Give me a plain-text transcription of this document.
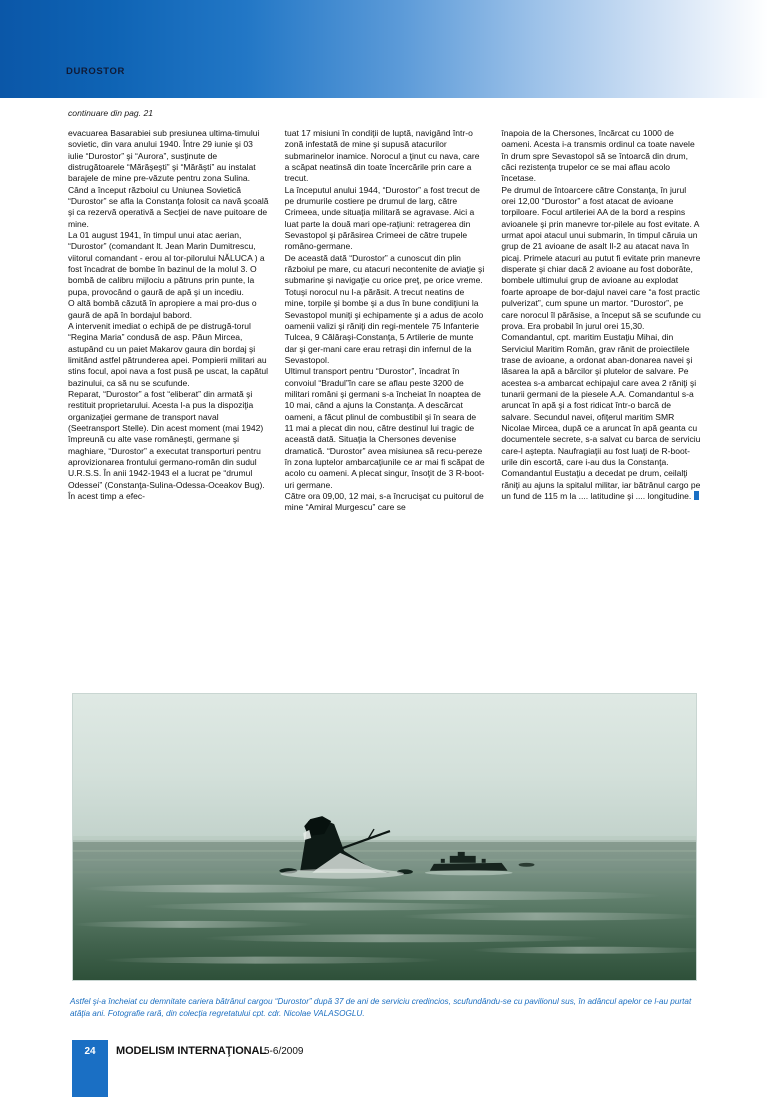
DUROSTOR
continuare din pag. 21

evacuarea Basarabiei sub presiunea ultima-timului sovietic, din vara anului 1940. Între 29 iunie şi 03 iulie “Durostor” şi “Aurora”, susţinute de distrugătoarele “Mărăşeşti” şi “Mărăşti” au instalat barajele de mine pre-văzute pentru zona Sulina.

Când a început războiul cu Uniunea Sovietică “Durostor” se afla la Constanţa folosit ca navă şcoală şi ca rezervă operativă a Secţiei de nave puitoare de mine.

La 01 august 1941, în timpul unui atac aerian, “Durostor” (comandant lt. Jean Marin Dumitrescu, viitorul comandant - erou al tor-pilorului NĂLUCA ) a fost încadrat de bombe în bazinul de la molul 3. O bombă de calibru mijlociu a pătruns prin punte, la pupa, provocând o gaură de apă şi un incediu.

O altă bombă căzută în apropiere a mai pro-dus o gaură de apă în bordajul babord.

A intervenit imediat o echipă de pe distrugă-torul “Regina Maria” condusă de asp. Păun Mircea, astupând cu un paiet Makarov gaura din bordaj şi limitând astfel pătrunderea apei. Pompierii militari au stins focul, apoi nava a fost pusă pe uscat, la capătul bazinului, ca să nu se scufunde.

Reparat, “Durostor” a fost “eliberat” din armată şi restituit proprietarului. Acesta l-a pus la dispoziţia organizaţiei germane de transport naval (Seetransport Stelle). Din acest moment (mai 1942) împreună cu alte vase româneşti, germane şi maghiare, “Durostor” a executat transporturi pentru aprovizionarea frontului germano-român din sudul U.R.S.S. În anii 1942-1943 el a lucrat pe “drumul Odessei” (Constanţa-Sulina-Odessa-Oceakov Bug). În acest timp a efec-

tuat 17 misiuni în condiţii de luptă, navigând într-o zonă infestată de mine şi supusă atacurilor submarinelor inamice. Norocul a ţinut cu nava, care a scăpat neatinsă din toate încercările prin care a trecut.

La începutul anului 1944, “Durostor” a fost trecut de pe drumurile costiere pe drumul de larg, către Crimeea, unde situaţia militară se agravase. Aici a luat parte la două mari ope-raţiuni: retragerea din Sevastopol şi părăsirea Crimeei de către trupele româno-germane.

De această dată “Durostor” a cunoscut din plin războiul pe mare, cu atacuri necontenite de aviaţie şi submarine şi navigaţie cu orice preţ, pe orice vreme. Totuşi norocul nu l-a părăsit. A trecut neatins de mine, torpile şi bombe şi a dus în bune condiţiuni la Sevastopol muniţi şi echipamente şi a adus de acolo oamenii valizi şi răniţi din regi-mentele 75 Infanterie Tulcea, 9 Călăraşi-Constanţa, 5 Artilerie de munte dar şi ger-mani care erau retraşi din infernul de la Sevastopol.

Ultimul transport pentru “Durostor”, încadrat în convoiul “Bradul”în care se aflau peste 3200 de militari români şi germani s-a încheiat în noaptea de 10 mai, când a ajuns la Constanţa. A descărcat oameni, a făcut plinul de combustibil şi în seara de 11 mai a plecat din nou, către destinul lui tragic de această dată. Situaţia la Chersones devenise dramatică. “Durostor” avea misiunea să recu-pereze în zona luptelor ambarcaţiunile ce ar mai fi scăpat de acolo cu oameni. A plecat singur, însoţit de 3 R-boot-uri germane.

Către ora 09,00, 12 mai, s-a încrucişat cu puitorul de mine “Amiral Murgescu” care se

înapoia de la Chersones, încărcat cu 1000 de oameni. Acesta i-a transmis ordinul ca toate navele în drum spre Sevastopol să se întoarcă din drum, căci rezistenţa trupelor ce se mai aflau acolo încetase.

Pe drumul de întoarcere către Constanţa, în jurul orei 12,00 “Durostor” a fost atacat de avioane torpiloare. Focul artileriei AA de la bord a respins avioanele şi prin manevre tor-pilele au fost evitate. A urmat apoi atacul unui submarin, în timpul căruia un grup de 21 avioane de asalt Il-2 au atacat nava în picaj. Primele atacuri au putut fi evitate prin manevre disperate şi chiar dacă 2 avioane au fost doborâte, bombele ultimului grup de avioane au explodat foarte aproape de bor-dajul navei care “a fost practic pulverizat”, cum spune un martor. “Durostor”, pe care norocul îl părăsise, a început să se scufunde cu prova. Era probabil în jurul orei 15,30.

Comandantul, cpt. maritim Eustaţiu Mihai, din Serviciul Maritim Român, grav rănit de proiectilele trase de avioane, a ordonat aban-donarea navei şi lăsarea la apă a bărcilor şi plutelor de salvare. Pe acestea s-a ambarcat echipajul care avea 2 răniţi şi tunarii germani de la piesele A.A. Comandantul s-a aruncat în apă şi a fost ridicat într-o barcă de salvare. Secundul navei, ofiţerul maritim SMR Nicolae Mircea, după ce a aruncat în apă geanta cu documentele secrete, s-a salvat cu barca de serviciu care-l aştepta. Naufragiaţii au fost luaţi de R-boot-urile din escortă, care i-au dus la Constanţa. Comandantul Eustaţiu a decedat pe drum, ceilalţi răniţi au ajuns la spitalul militar, iar bătrânul cargo pe un fund de 115 m la .... latitudine şi .... longitudine.

Astfel şi-a încheiat cu demnitate cariera bătrânul cargou “Durostor” după 37 de ani de serviciu credincios, scufundându-se cu pavilionul sus, în adâncul apelor ce l-au purtat atâţia ani. Fotografie rară, din colecţia regretatului cpt. cdr. Nicolae VALASOGLU.
24	MODELISM INTERNAŢIONAL
5-6/2009
